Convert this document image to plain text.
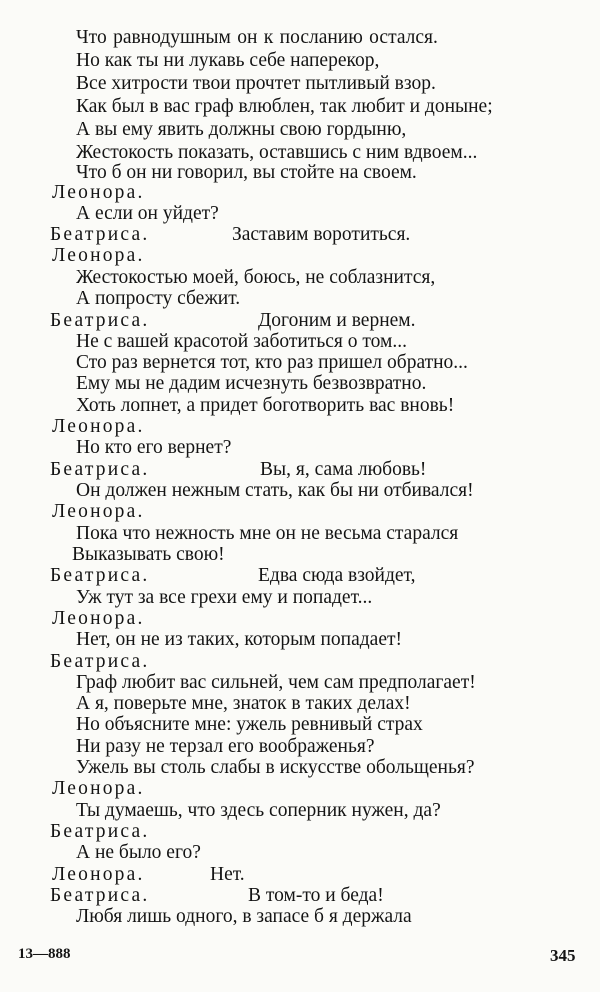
Что равнодушным он к посланию остался.
Но как ты ни лукавь себе наперекор,
Все хитрости твои прочтет пытливый взор.
Как был в вас граф влюблен, так любит и доныне;
А вы ему явить должны свою гордыню,
Жестокость показать, оставшись с ним вдвоем...
Что б он ни говорил, вы стойте на своем.
Леонора.
А если он уйдет?
Беатриса.	Заставим воротиться.
Леонора.
Жестокостью моей, боюсь, не соблазнится,
А попросту сбежит.
Беатриса.	Догоним и вернем.
Не с вашей красотой заботиться о том...
Сто раз вернется тот, кто раз пришел обратно...
Ему мы не дадим исчезнуть безвозвратно.
Хоть лопнет, а придет боготворить вас вновь!
Леонора.
Но кто его вернет?
Беатриса.	Вы, я, сама любовь!
Он должен нежным стать, как бы ни отбивался!
Леонора.
Пока что нежность мне он не весьма старался
Выказывать свою!
Беатриса.	Едва сюда взойдет,
Уж тут за все грехи ему и попадет...
Леонора.
Нет, он не из таких, которым попадает!
Беатриса.
Граф любит вас сильней, чем сам предполагает!
А я, поверьте мне, знаток в таких делах!
Но объясните мне: ужель ревнивый страх
Ни разу не терзал его воображенья?
Ужель вы столь слабы в искусстве обольщенья?
Леонора.
Ты думаешь, что здесь соперник нужен, да?
Беатриса.
А не было его?
Леонора.	Нет.
Беатриса.	В том-то и беда!
Любя лишь одного, в запасе б я держала
13—888	345
